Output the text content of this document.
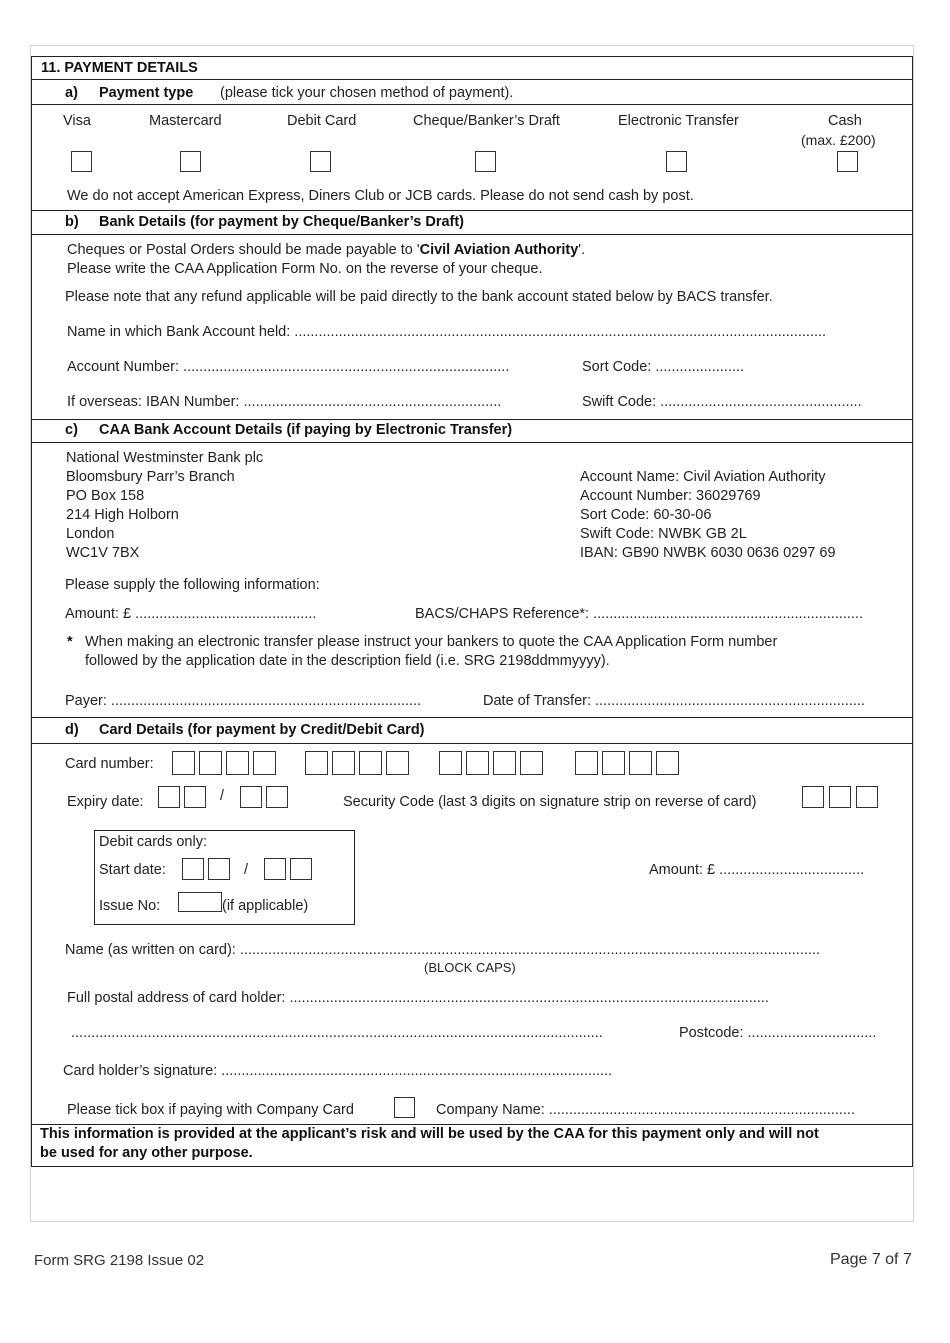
11. PAYMENT DETAILS
a) Payment type (please tick your chosen method of payment).
Visa	Mastercard	Debit Card	Cheque/Banker’s Draft	Electronic Transfer	Cash
(max. £200)
We do not accept American Express, Diners Club or JCB cards. Please do not send cash by post.
b) Bank Details (for payment by Cheque/Banker’s Draft)
Cheques or Postal Orders should be made payable to 'Civil Aviation Authority'.
Please write the CAA Application Form No. on the reverse of your cheque.
Please note that any refund applicable will be paid directly to the bank account stated below by BACS transfer.
Name in which Bank Account held: ....................................................................................................................................
Account Number: .................................................................................	Sort Code: ......................
If overseas: IBAN Number: ................................................................	Swift Code: ..................................................
c) CAA Bank Account Details (if paying by Electronic Transfer)
National Westminster Bank plc
Bloomsbury Parr’s Branch
PO Box 158
214 High Holborn
London
WC1V 7BX
Account Name: Civil Aviation Authority
Account Number: 36029769
Sort Code: 60-30-06
Swift Code: NWBK GB 2L
IBAN: GB90 NWBK 6030 0636 0297 69
Please supply the following information:
Amount: £ .............................................	BACS/CHAPS Reference*: ...................................................................
* When making an electronic transfer please instruct your bankers to quote the CAA Application Form number
followed by the application date in the description field (i.e. SRG 2198ddmmyyyy).
Payer: .............................................................................	Date of Transfer: ...................................................................
d) Card Details (for payment by Credit/Debit Card)
Card number:
Expiry date:	/	Security Code (last 3 digits on signature strip on reverse of card)
Debit cards only:
Start date:	/
Issue No:	(if applicable)
Amount: £ ....................................
Name (as written on card): ................................................................................................................................................
(BLOCK CAPS)
Full postal address of card holder: .......................................................................................................................
....................................................................................................................................	Postcode: ................................
Card holder’s signature: .................................................................................................
Please tick box if paying with Company Card	Company Name: ............................................................................
This information is provided at the applicant’s risk and will be used by the CAA for this payment only and will not
be used for any other purpose.
Form SRG 2198 Issue 02	Page 7 of 7
